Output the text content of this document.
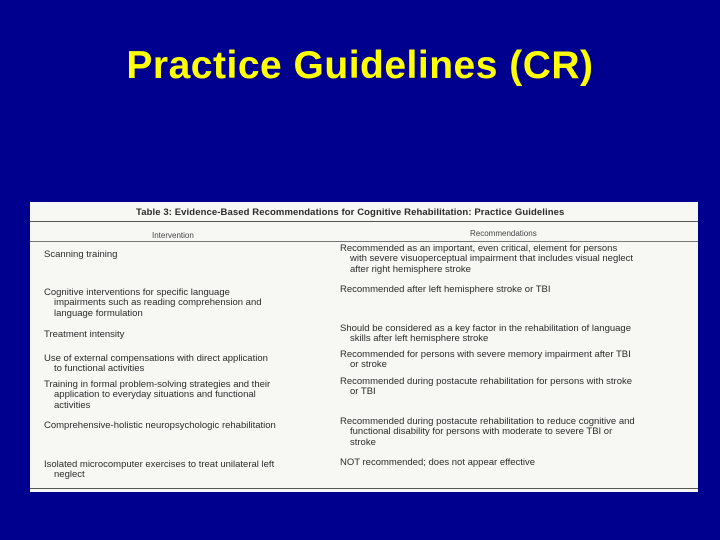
Practice Guidelines (CR)
Table 3: Evidence-Based Recommendations for Cognitive Rehabilitation: Practice Guidelines
Intervention	Recommendations
Scanning training
Cognitive interventions for specific language
impairments such as reading comprehension and
language formulation
Treatment intensity
Use of external compensations with direct application
to functional activities
Training in formal problem-solving strategies and their
application to everyday situations and functional
activities
Comprehensive-holistic neuropsychologic rehabilitation
Isolated microcomputer exercises to treat unilateral left
neglect
Recommended as an important, even critical, element for persons
with severe visuoperceptual impairment that includes visual neglect
after right hemisphere stroke
Recommended after left hemisphere stroke or TBI
Should be considered as a key factor in the rehabilitation of language
skills after left hemisphere stroke
Recommended for persons with severe memory impairment after TBI
or stroke
Recommended during postacute rehabilitation for persons with stroke
or TBI
Recommended during postacute rehabilitation to reduce cognitive and
functional disability for persons with moderate to severe TBI or
stroke
NOT recommended; does not appear effective
